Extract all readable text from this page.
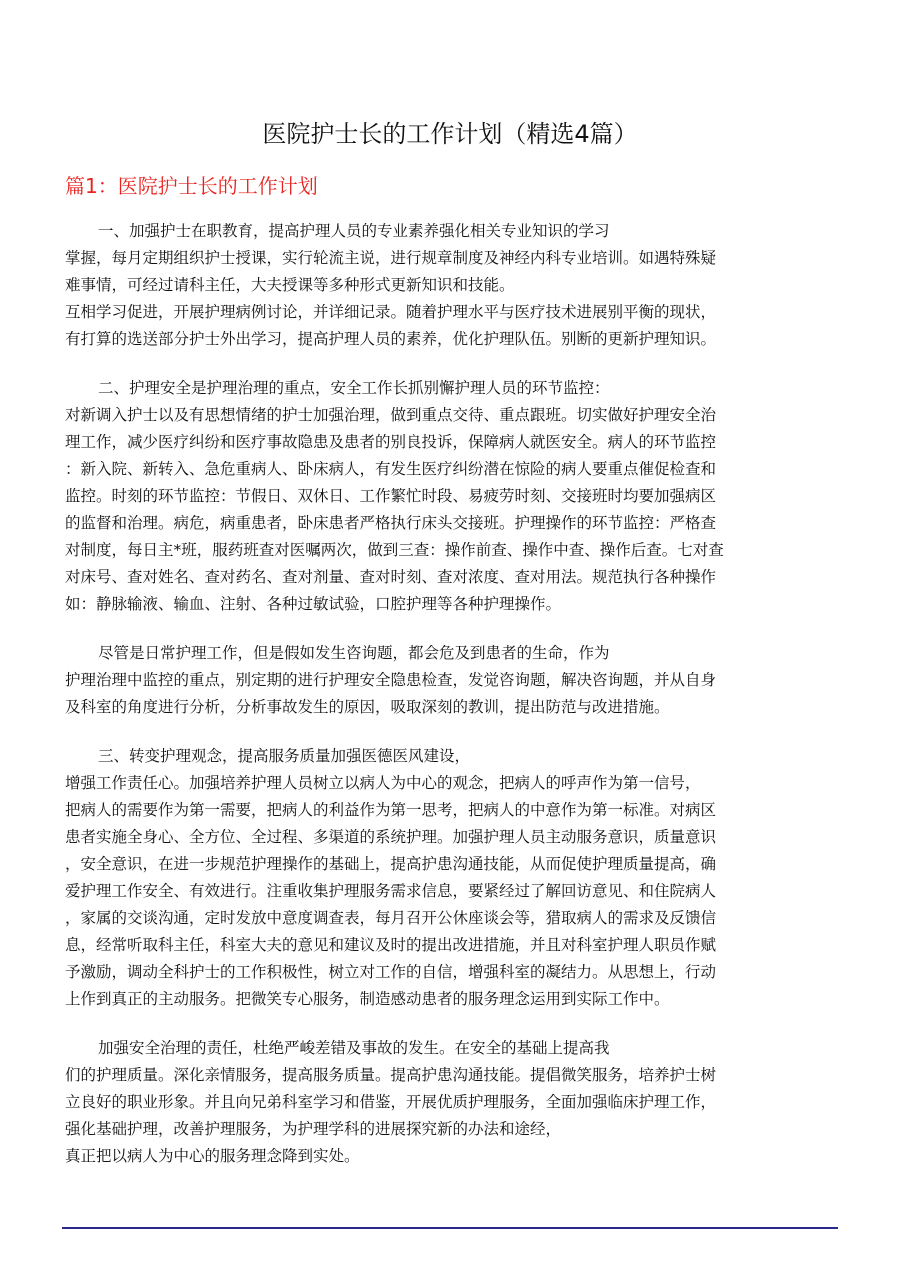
医院护士长的工作计划（精选4篇）
篇1：医院护士长的工作计划
一、加强护士在职教育，提高护理人员的专业素养强化相关专业知识的学习
掌握，每月定期组织护士授课，实行轮流主说，进行规章制度及神经内科专业培训。如遇特殊疑
难事情，可经过请科主任，大夫授课等多种形式更新知识和技能。
互相学习促进，开展护理病例讨论，并详细记录。随着护理水平与医疗技术进展别平衡的现状，
有打算的选送部分护士外出学习，提高护理人员的素养，优化护理队伍。别断的更新护理知识。
二、护理安全是护理治理的重点，安全工作长抓别懈护理人员的环节监控：
对新调入护士以及有思想情绪的护士加强治理，做到重点交待、重点跟班。切实做好护理安全治
理工作，减少医疗纠纷和医疗事故隐患及患者的别良投诉，保障病人就医安全。病人的环节监控
：新入院、新转入、急危重病人、卧床病人，有发生医疗纠纷潜在惊险的病人要重点催促检查和
监控。时刻的环节监控：节假日、双休日、工作繁忙时段、易疲劳时刻、交接班时均要加强病区
的监督和治理。病危，病重患者，卧床患者严格执行床头交接班。护理操作的环节监控：严格查
对制度，每日主*班，服药班查对医嘱两次，做到三查：操作前查、操作中查、操作后查。七对查
对床号、查对姓名、查对药名、查对剂量、查对时刻、查对浓度、查对用法。规范执行各种操作
如：静脉输液、输血、注射、各种过敏试验，口腔护理等各种护理操作。
尽管是日常护理工作，但是假如发生咨询题，都会危及到患者的生命，作为
护理治理中监控的重点，别定期的进行护理安全隐患检查，发觉咨询题，解决咨询题，并从自身
及科室的角度进行分析，分析事故发生的原因，吸取深刻的教训，提出防范与改进措施。
三、转变护理观念，提高服务质量加强医德医风建设，
增强工作责任心。加强培养护理人员树立以病人为中心的观念，把病人的呼声作为第一信号，
把病人的需要作为第一需要，把病人的利益作为第一思考，把病人的中意作为第一标准。对病区
患者实施全身心、全方位、全过程、多渠道的系统护理。加强护理人员主动服务意识，质量意识
，安全意识，在进一步规范护理操作的基础上，提高护患沟通技能，从而促使护理质量提高，确
爱护理工作安全、有效进行。注重收集护理服务需求信息，要紧经过了解回访意见、和住院病人
，家属的交谈沟通，定时发放中意度调查表，每月召开公休座谈会等，猎取病人的需求及反馈信
息，经常听取科主任，科室大夫的意见和建议及时的提出改进措施，并且对科室护理人职员作赋
予激励，调动全科护士的工作积极性，树立对工作的自信，增强科室的凝结力。从思想上，行动
上作到真正的主动服务。把微笑专心服务，制造感动患者的服务理念运用到实际工作中。
加强安全治理的责任，杜绝严峻差错及事故的发生。在安全的基础上提高我
们的护理质量。深化亲情服务，提高服务质量。提高护患沟通技能。提倡微笑服务，培养护士树
立良好的职业形象。并且向兄弟科室学习和借鉴，开展优质护理服务，全面加强临床护理工作，
强化基础护理，改善护理服务，为护理学科的进展探究新的办法和途经，
真正把以病人为中心的服务理念降到实处。
